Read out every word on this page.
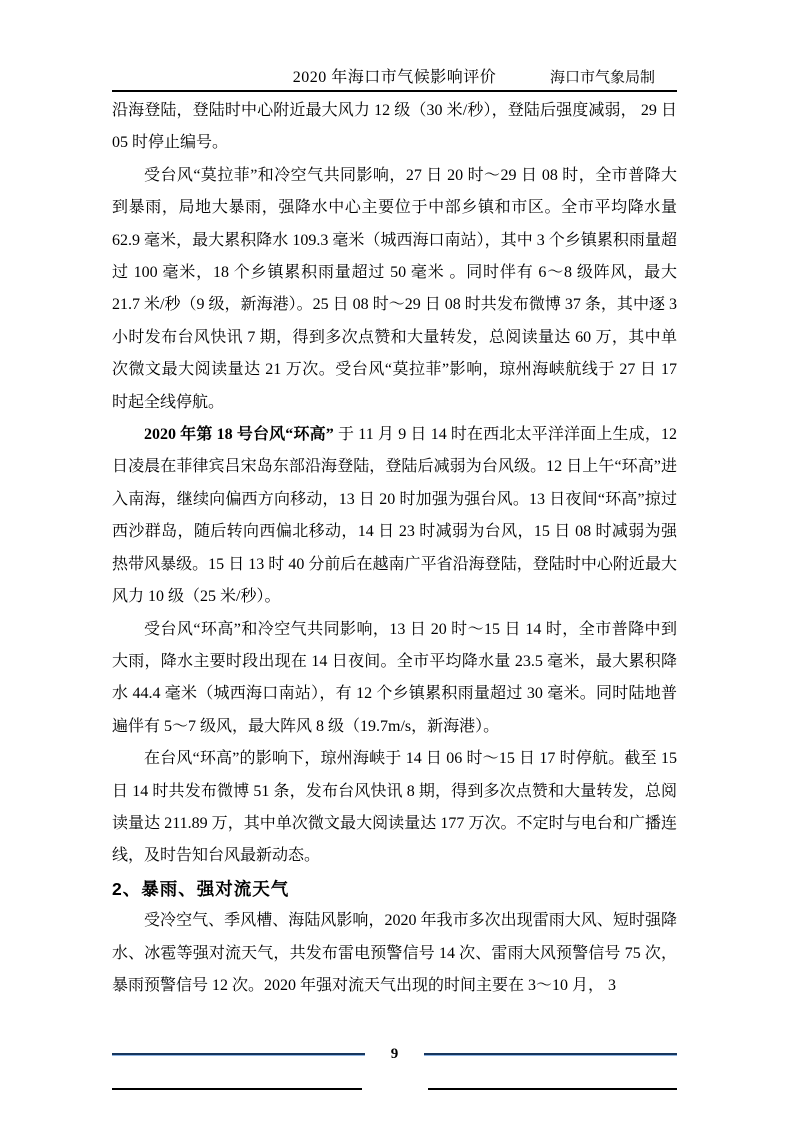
2020 年海口市气候影响评价	海口市气象局制

沿海登陆，登陆时中心附近最大风力 12 级（30 米/秒），登陆后强度减弱， 29 日 05 时停止编号。

受台风“莫拉菲”和冷空气共同影响，27 日 20 时～29 日 08 时，全市普降大到暴雨，局地大暴雨，强降水中心主要位于中部乡镇和市区。全市平均降水量 62.9 毫米，最大累积降水 109.3 毫米（城西海口南站），其中 3 个乡镇累积雨量超过 100 毫米，18 个乡镇累积雨量超过 50 毫米 。同时伴有 6～8 级阵风，最大 21.7 米/秒（9 级，新海港）。25 日 08 时～29 日 08 时共发布微博 37 条，其中逐 3 小时发布台风快讯 7 期，得到多次点赞和大量转发，总阅读量达 60 万，其中单次微文最大阅读量达 21 万次。受台风“莫拉菲”影响，琼州海峡航线于 27 日 17 时起全线停航。

2020 年第 18 号台风“环高” 于 11 月 9 日 14 时在西北太平洋洋面上生成，12 日凌晨在菲律宾吕宋岛东部沿海登陆，登陆后减弱为台风级。12 日上午“环高”进入南海，继续向偏西方向移动，13 日 20 时加强为强台风。13 日夜间“环高”掠过西沙群岛，随后转向西偏北移动，14 日 23 时减弱为台风，15 日 08 时减弱为强热带风暴级。15 日 13 时 40 分前后在越南广平省沿海登陆，登陆时中心附近最大风力 10 级（25 米/秒）。

受台风“环高”和冷空气共同影响，13 日 20 时～15 日 14 时，全市普降中到大雨，降水主要时段出现在 14 日夜间。全市平均降水量 23.5 毫米，最大累积降水 44.4 毫米（城西海口南站），有 12 个乡镇累积雨量超过 30 毫米。同时陆地普遍伴有 5～7 级风，最大阵风 8 级（19.7m/s，新海港）。

在台风“环高”的影响下，琼州海峡于 14 日 06 时～15 日 17 时停航。截至 15 日 14 时共发布微博 51 条，发布台风快讯 8 期，得到多次点赞和大量转发，总阅读量达 211.89 万，其中单次微文最大阅读量达 177 万次。不定时与电台和广播连线，及时告知台风最新动态。

2、暴雨、强对流天气

受冷空气、季风槽、海陆风影响，2020 年我市多次出现雷雨大风、短时强降水、冰雹等强对流天气，共发布雷电预警信号 14 次、雷雨大风预警信号 75 次，暴雨预警信号 12 次。2020 年强对流天气出现的时间主要在 3～10 月， 3

9
